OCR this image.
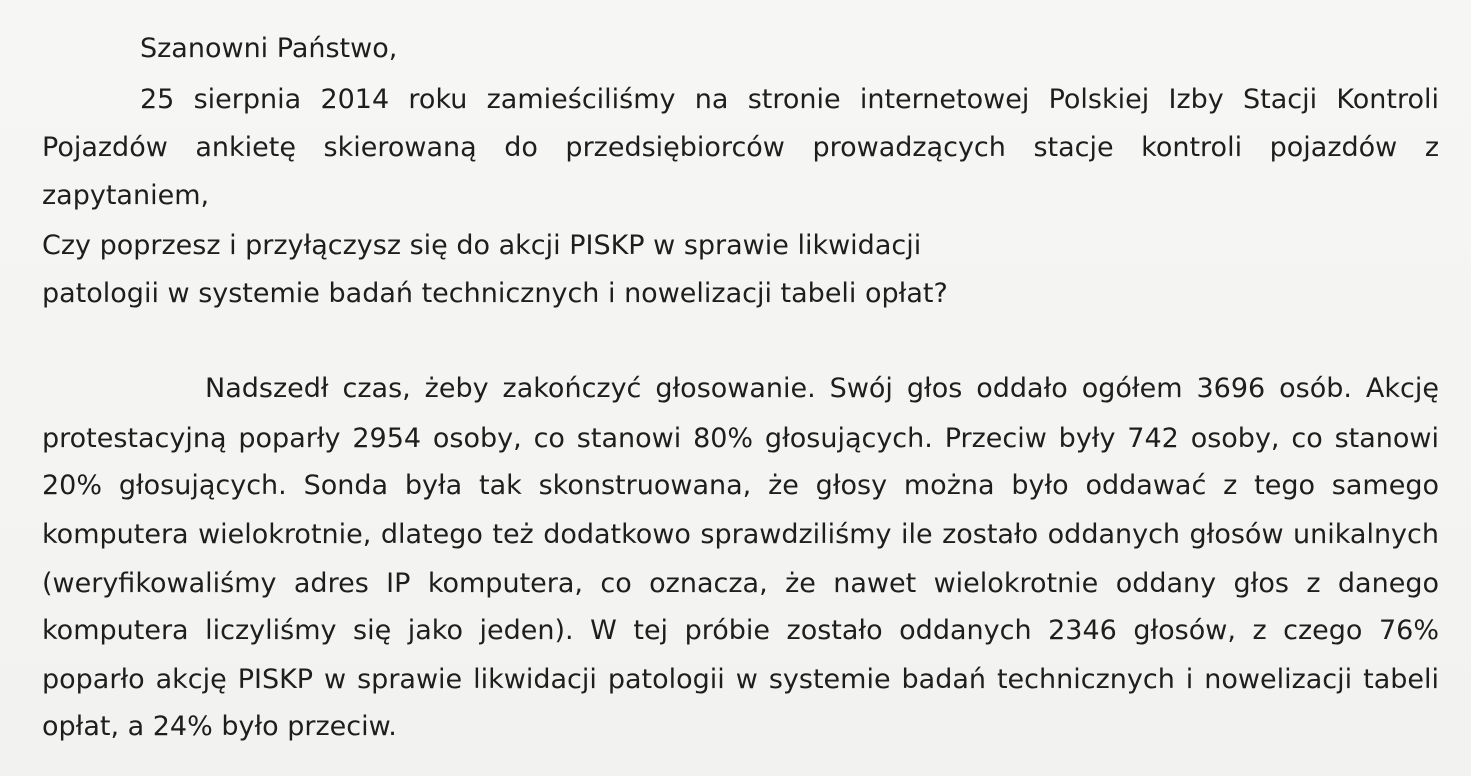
Szanowni Państwo,

25 sierpnia 2014 roku zamieściliśmy na stronie internetowej Polskiej Izby Stacji Kontroli

Pojazdów ankietę skierowaną do przedsiębiorców prowadzących stacje kontroli pojazdów z

zapytaniem,

Czy poprzesz i przyłączysz się do akcji PISKP w sprawie likwidacji

patologii w systemie badań technicznych i nowelizacji tabeli opłat?

Nadszedł czas, żeby zakończyć głosowanie. Swój głos oddało ogółem 3696 osób. Akcję

protestacyjną poparły 2954 osoby, co stanowi 80% głosujących. Przeciw były 742 osoby, co stanowi

20% głosujących. Sonda była tak skonstruowana, że głosy można było oddawać z tego samego

komputera wielokrotnie, dlatego też dodatkowo sprawdziliśmy ile zostało oddanych głosów unikalnych

(weryfikowaliśmy adres IP komputera, co oznacza, że nawet wielokrotnie oddany głos z danego

komputera liczyliśmy się jako jeden). W tej próbie zostało oddanych 2346 głosów, z czego 76%

poparło akcję PISKP w sprawie likwidacji patologii w systemie badań technicznych i nowelizacji tabeli

opłat, a 24% było przeciw.
